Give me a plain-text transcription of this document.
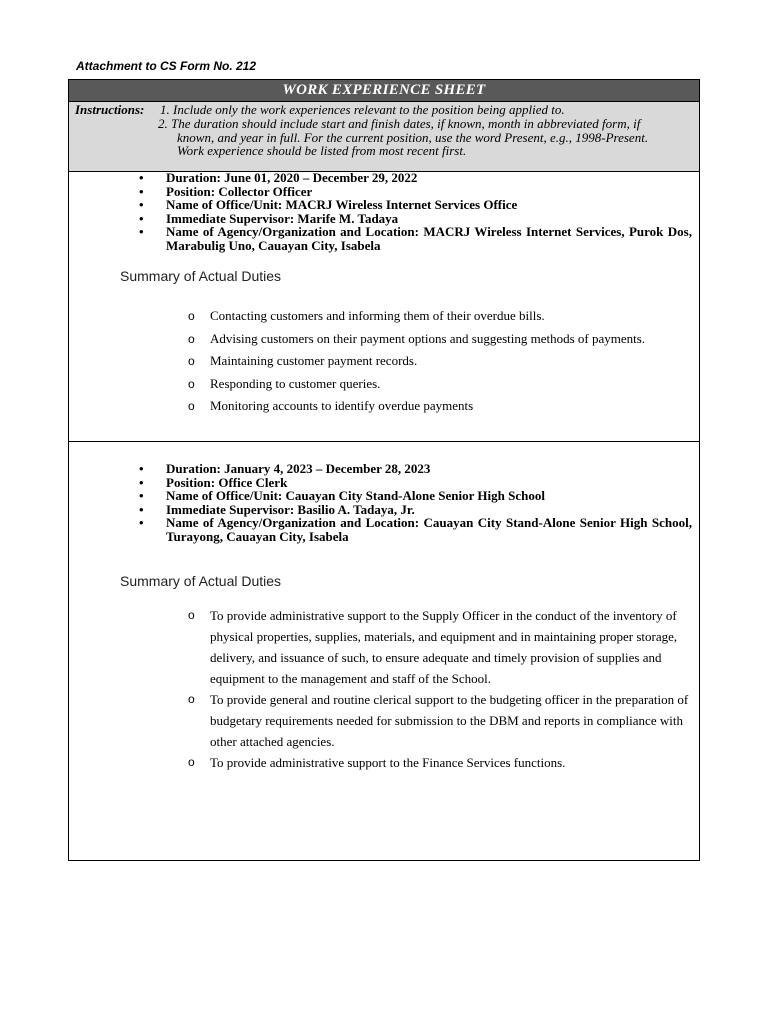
Attachment to CS Form No. 212
WORK EXPERIENCE SHEET
Instructions: 1. Include only the work experiences relevant to the position being applied to.
2. The duration should include start and finish dates, if known, month in abbreviated form, if
known, and year in full. For the current position, use the word Present, e.g., 1998-Present.
Work experience should be listed from most recent first.
• Duration: June 01, 2020 – December 29, 2022
• Position: Collector Officer
• Name of Office/Unit: MACRJ Wireless Internet Services Office
• Immediate Supervisor: Marife M. Tadaya
• Name of Agency/Organization and Location: MACRJ Wireless Internet Services, Purok Dos, Marabulig Uno, Cauayan City, Isabela
Summary of Actual Duties
o Contacting customers and informing them of their overdue bills.
o Advising customers on their payment options and suggesting methods of payments.
o Maintaining customer payment records.
o Responding to customer queries.
o Monitoring accounts to identify overdue payments
• Duration: January 4, 2023 – December 28, 2023
• Position: Office Clerk
• Name of Office/Unit: Cauayan City Stand-Alone Senior High School
• Immediate Supervisor: Basilio A. Tadaya, Jr.
• Name of Agency/Organization and Location: Cauayan City Stand-Alone Senior High School, Turayong, Cauayan City, Isabela
Summary of Actual Duties
o To provide administrative support to the Supply Officer in the conduct of the inventory of physical properties, supplies, materials, and equipment and in maintaining proper storage, delivery, and issuance of such, to ensure adequate and timely provision of supplies and equipment to the management and staff of the School.
o To provide general and routine clerical support to the budgeting officer in the preparation of budgetary requirements needed for submission to the DBM and reports in compliance with other attached agencies.
o To provide administrative support to the Finance Services functions.
